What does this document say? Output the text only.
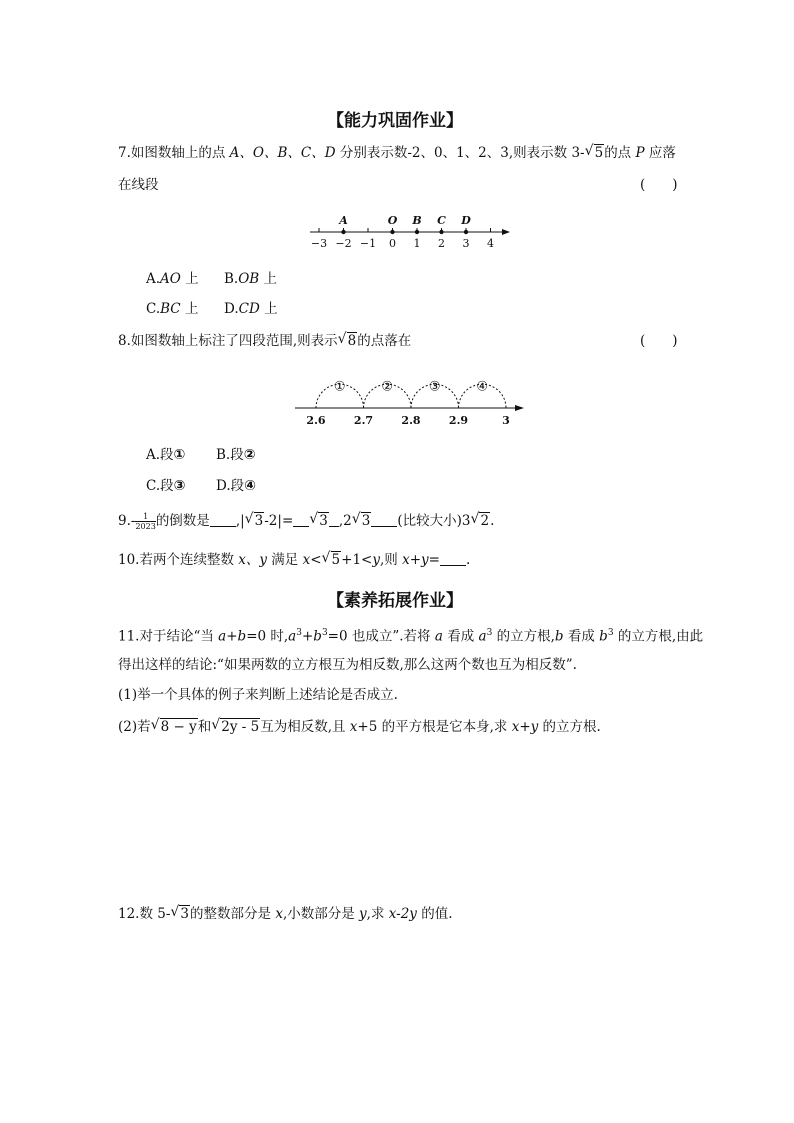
【能力巩固作业】
7.如图数轴上的点 A、O、B、C、D 分别表示数-2、0、1、2、3,则表示数 3- √ 5的点 P 应落
在线段	(　　)
−3 −2 −1 0 1 2 3 4
A	O B C D
A.AO 上 B.OB 上
C.BC 上 D.CD 上
8.如图数轴上标注了四段范围,则表示 √ 8的点落在	(　　)
2.6	2.7	2.8	2.9	3
①	②	③	④
A.段① B.段②
C.段③ D.段④
$9.- \frac{1}{2023}$ 的倒数是 ,| √ 3-2|= √ 3 ,2 √ 3 (比较大小)3 √ 2.
10.若两个连续整数 x、y 满足 x< √ 5+1<y,则 x+y= .
【素养拓展作业】
11.对于结论“当 a+b=0 时$,a^3+b^3=0$ 也成立”.若将 a 看成 $a^3$ 的立方根,b 看成 $b^3$ 的立方根,由此
得出这样的结论:“如果两数的立方根互为相反数,那么这两个数也互为相反数”.
(1)举一个具体的例子来判断上述结论是否成立.
(2)若 √ 8 − y和 √ 2y - 5互为相反数,且 x+5 的平方根是它本身,求 x+y 的立方根.
12.数 5- √ 3的整数部分是 x,小数部分是 y,求 x-2y 的值.
